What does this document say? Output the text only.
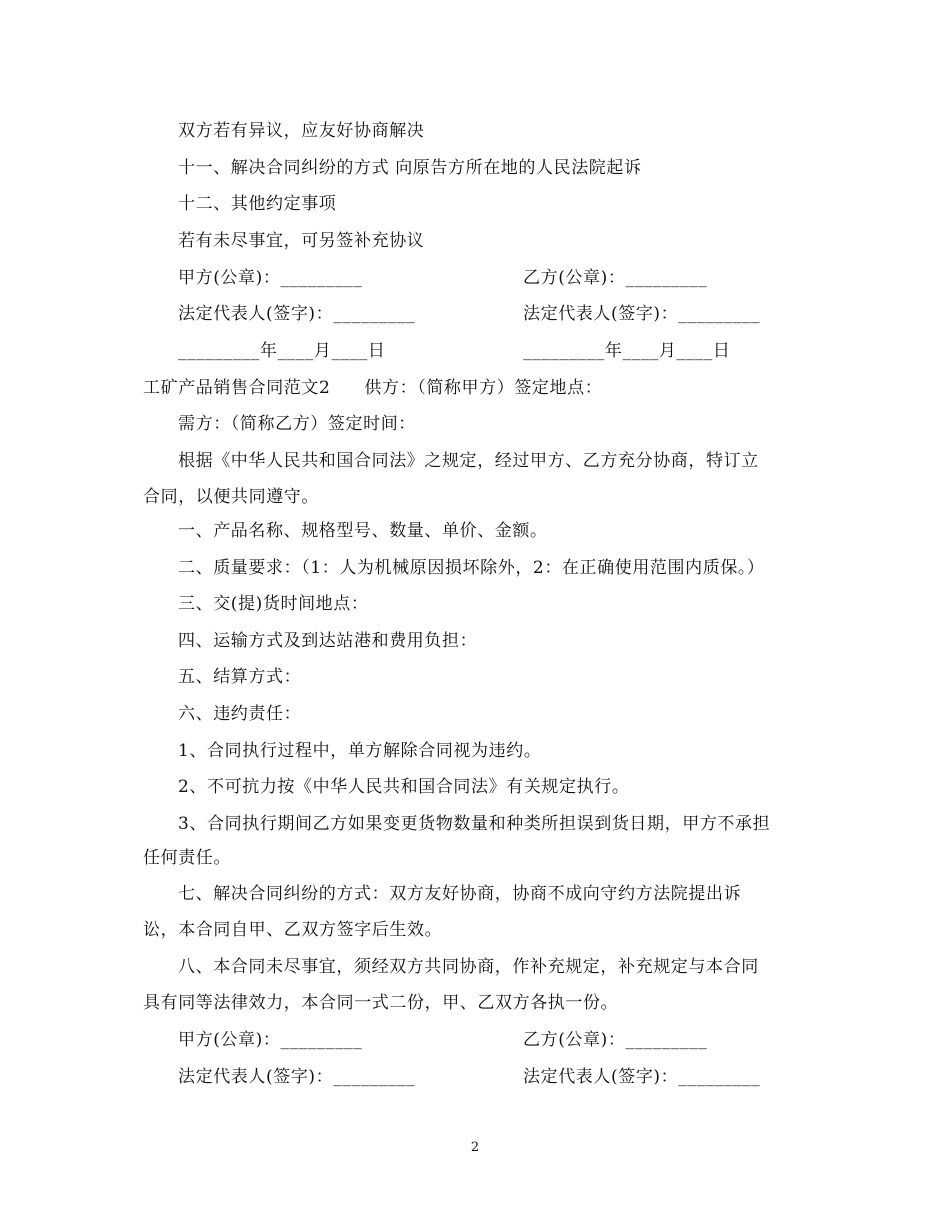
双方若有异议，应友好协商解决
十一、解决合同纠纷的方式 向原告方所在地的人民法院起诉
十二、其他约定事项
若有未尽事宜，可另签补充协议
甲方(公章)：_________	乙方(公章)：_________
法定代表人(签字)：_________	法定代表人(签字)：_________
_________年____月____日	_________年____月____日
工矿产品销售合同范文2 供方：（简称甲方）签定地点：
需方：（简称乙方）签定时间：
根据《中华人民共和国合同法》之规定，经过甲方、乙方充分协商，特订立
合同，以便共同遵守。
一、产品名称、规格型号、数量、单价、金额。
二、质量要求：（1：人为机械原因损坏除外，2：在正确使用范围内质保。）
三、交(提)货时间地点：
四、运输方式及到达站港和费用负担：
五、结算方式：
六、违约责任：
1、合同执行过程中，单方解除合同视为违约。
2、不可抗力按《中华人民共和国合同法》有关规定执行。
3、合同执行期间乙方如果变更货物数量和种类所担误到货日期，甲方不承担
任何责任。
七、解决合同纠纷的方式：双方友好协商，协商不成向守约方法院提出诉
讼，本合同自甲、乙双方签字后生效。
八、本合同未尽事宜，须经双方共同协商，作补充规定，补充规定与本合同
具有同等法律效力，本合同一式二份，甲、乙双方各执一份。
甲方(公章)：_________	乙方(公章)：_________
法定代表人(签字)：_________	法定代表人(签字)：_________
2
